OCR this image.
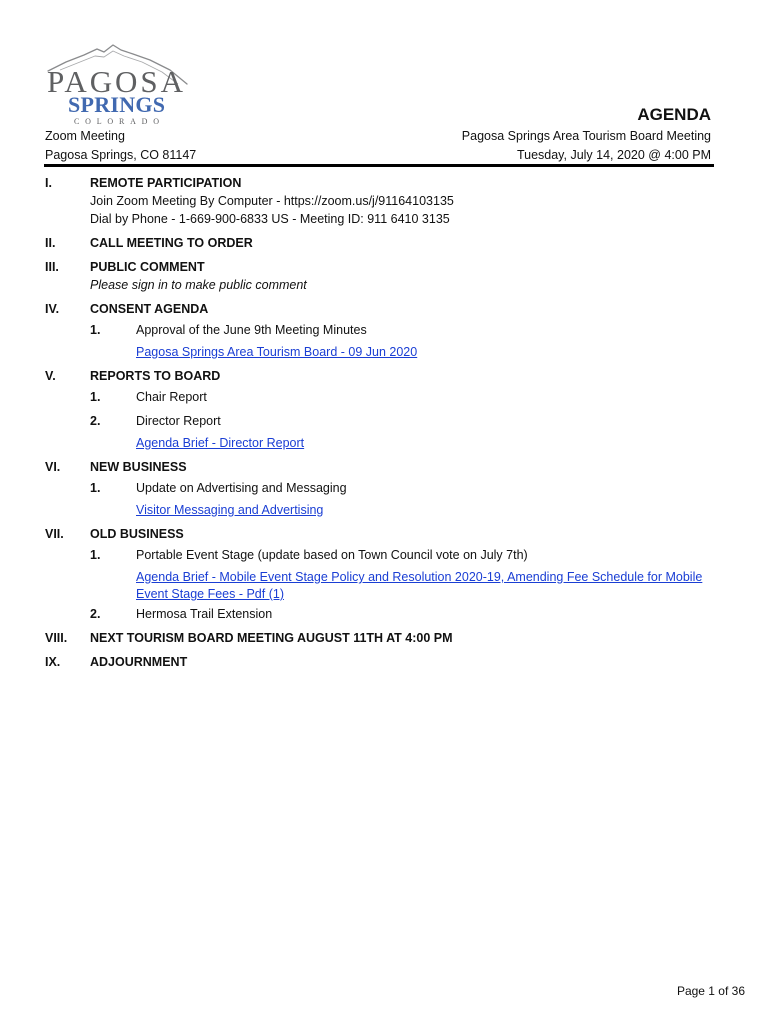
PAGOSA
SPRINGS
COLORADO	AGENDA
Zoom Meeting
Pagosa Springs, CO 81147
Pagosa Springs Area Tourism Board Meeting
Tuesday, July 14, 2020 @ 4:00 PM
I.	REMOTE PARTICIPATION
Join Zoom Meeting By Computer - https://zoom.us/j/91164103135
Dial by Phone - 1-669-900-6833 US - Meeting ID: 911 6410 3135
II.	CALL MEETING TO ORDER
III.	PUBLIC COMMENT
Please sign in to make public comment
IV.	CONSENT AGENDA
1.	Approval of the June 9th Meeting Minutes
Pagosa Springs Area Tourism Board - 09 Jun 2020
V.	REPORTS TO BOARD
1.	Chair Report
2.	Director Report
Agenda Brief - Director Report
VI.	NEW BUSINESS
1.	Update on Advertising and Messaging
Visitor Messaging and Advertising
VII.	OLD BUSINESS
1.	Portable Event Stage (update based on Town Council vote on July 7th)
Agenda Brief - Mobile Event Stage Policy and Resolution 2020-19, Amending Fee Schedule for Mobile
Event Stage Fees - Pdf (1)
2.	Hermosa Trail Extension
VIII.	NEXT TOURISM BOARD MEETING AUGUST 11TH AT 4:00 PM
IX.	ADJOURNMENT
Page 1 of 36
